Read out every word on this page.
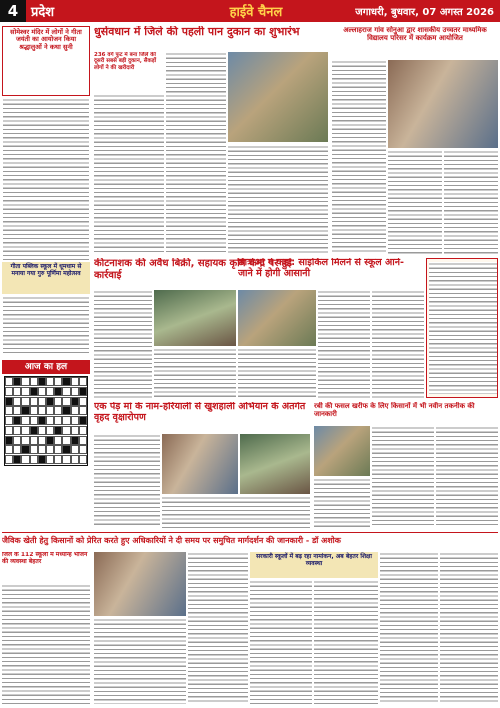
4 प्रदेश	हाईवे चैनल	जगाधरी, बुधवार, 07 अगस्त 2026
सोमेश्वर मंदिर में लोगों ने गीता जयंती का आयोजन किया श्रद्धालुओं ने कथा सुनी
गीता पब्लिक स्कूल में धूमधाम से मनाया गया गुरु पूर्णिमा महोत्सव
आज का हल
धुर्सवधान में जिले की पहली पान दुकान का शुभारंभ
236 वर्ग फुट में बना जिले की दूसरी सबसे बड़ी दुकान, सैकड़ों लोगों ने की खरीदारी
अल्लाहराज गांव सोनुआ द्वार शासकीय उच्चतर माध्यमिक विद्यालय परिसर में कार्यक्रम आयोजित
कीटनाशक की अवैध बिक्री, सहायक कृषि केन्द्र पर हुई कार्रवाई
छात्राओं ने कहा: साइकिल मिलने से स्कूल आने-जाने में होगी आसानी
एक पेड़ मां के नाम-हरियाली से खुशहाली अभियान के अंतर्गत वृहद वृक्षारोपण
रबी की फसल खरीफ के लिए किसानों में भी नवीन तकनीक की जानकारी
जैविक खेती हेतु किसानों को प्रेरित करते हुए अधिकारियों ने दी समय पर समुचित मार्गदर्शन की जानकारी - डॉ अशोक
जिले के 112 स्कूलों में मध्यान्ह भोजन की व्यवस्था बेहतर
सरकारी स्कूलों में बढ़ रहा नामांकन, अब बेहतर शिक्षा व्यवस्था
